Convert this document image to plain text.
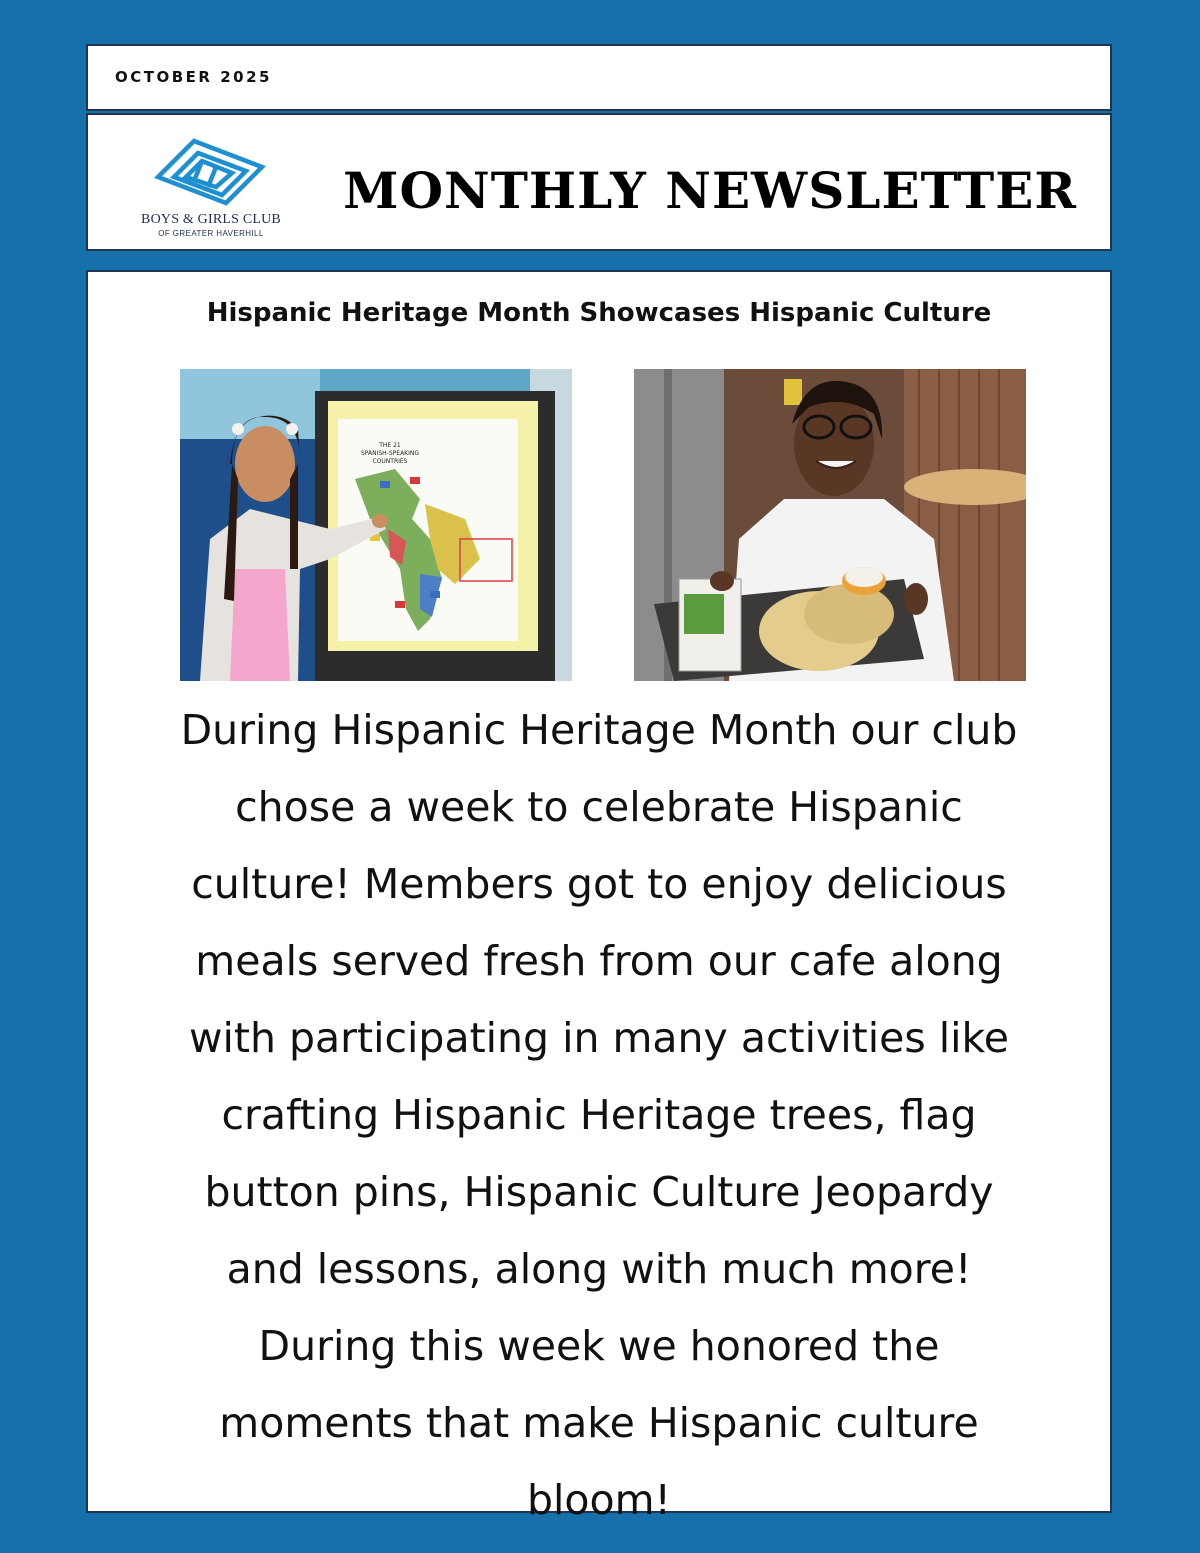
OCTOBER 2025
BOYS & GIRLS CLUB
OF GREATER HAVERHILL
MONTHLY NEWSLETTER
Hispanic Heritage Month Showcases Hispanic Culture
THE 21
SPANISH-SPEAKING
COUNTRIES
During Hispanic Heritage Month our club
chose a week to celebrate Hispanic
culture! Members got to enjoy delicious
meals served fresh from our cafe along
with participating in many activities like
crafting Hispanic Heritage trees, flag
button pins, Hispanic Culture Jeopardy
and lessons, along with much more!
During this week we honored the
moments that make Hispanic culture
bloom!
